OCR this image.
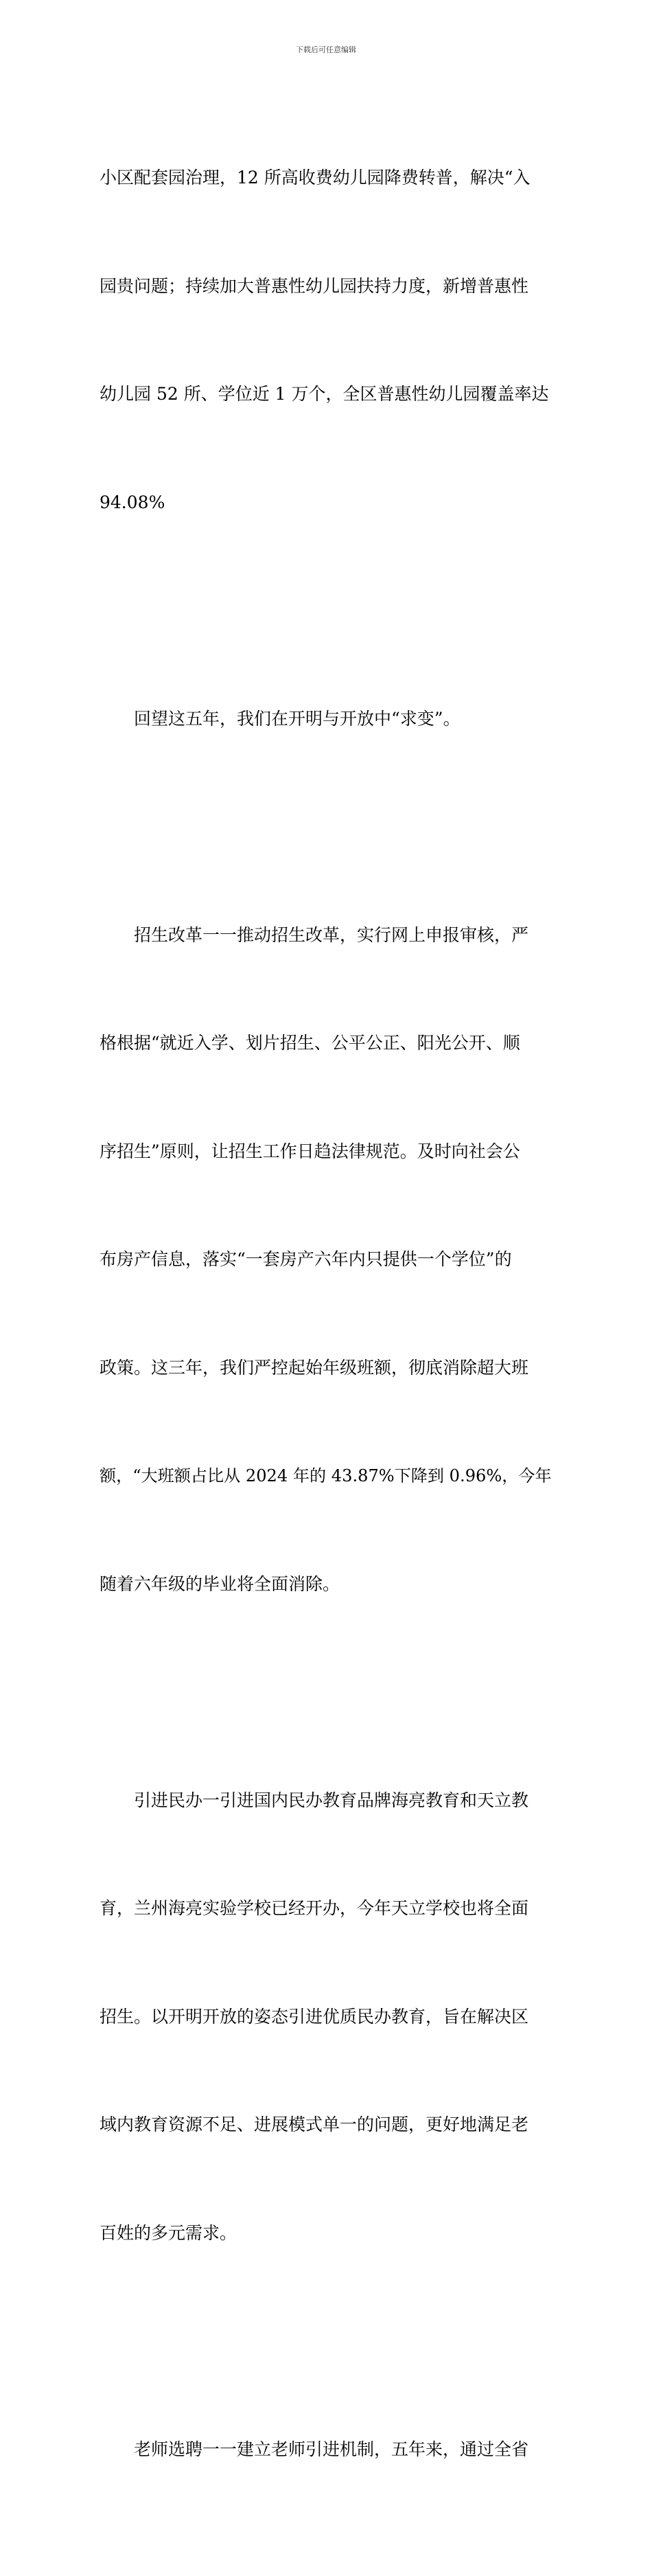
下载后可任意编辑

小区配套园治理，12 所高收费幼儿园降费转普，解决“入

园贵问题；持续加大普惠性幼儿园扶持力度，新增普惠性

幼儿园 52 所、学位近 1 万个，全区普惠性幼儿园覆盖率达

94.08%

回望这五年，我们在开明与开放中“求变”。

招生改革一一推动招生改革，实行网上申报审核，严

格根据“就近入学、划片招生、公平公正、阳光公开、顺

序招生”原则，让招生工作日趋法律规范。及时向社会公

布房产信息，落实“一套房产六年内只提供一个学位”的

政策。这三年，我们严控起始年级班额，彻底消除超大班

额，“大班额占比从 2024 年的 43.87%下降到 0.96%，今年

随着六年级的毕业将全面消除。

引进民办一引进国内民办教育品牌海亮教育和天立教

育，兰州海亮实验学校已经开办，今年天立学校也将全面

招生。以开明开放的姿态引进优质民办教育，旨在解决区

域内教育资源不足、进展模式单一的问题，更好地满足老

百姓的多元需求。

老师选聘一一建立老师引进机制，五年来，通过全省
